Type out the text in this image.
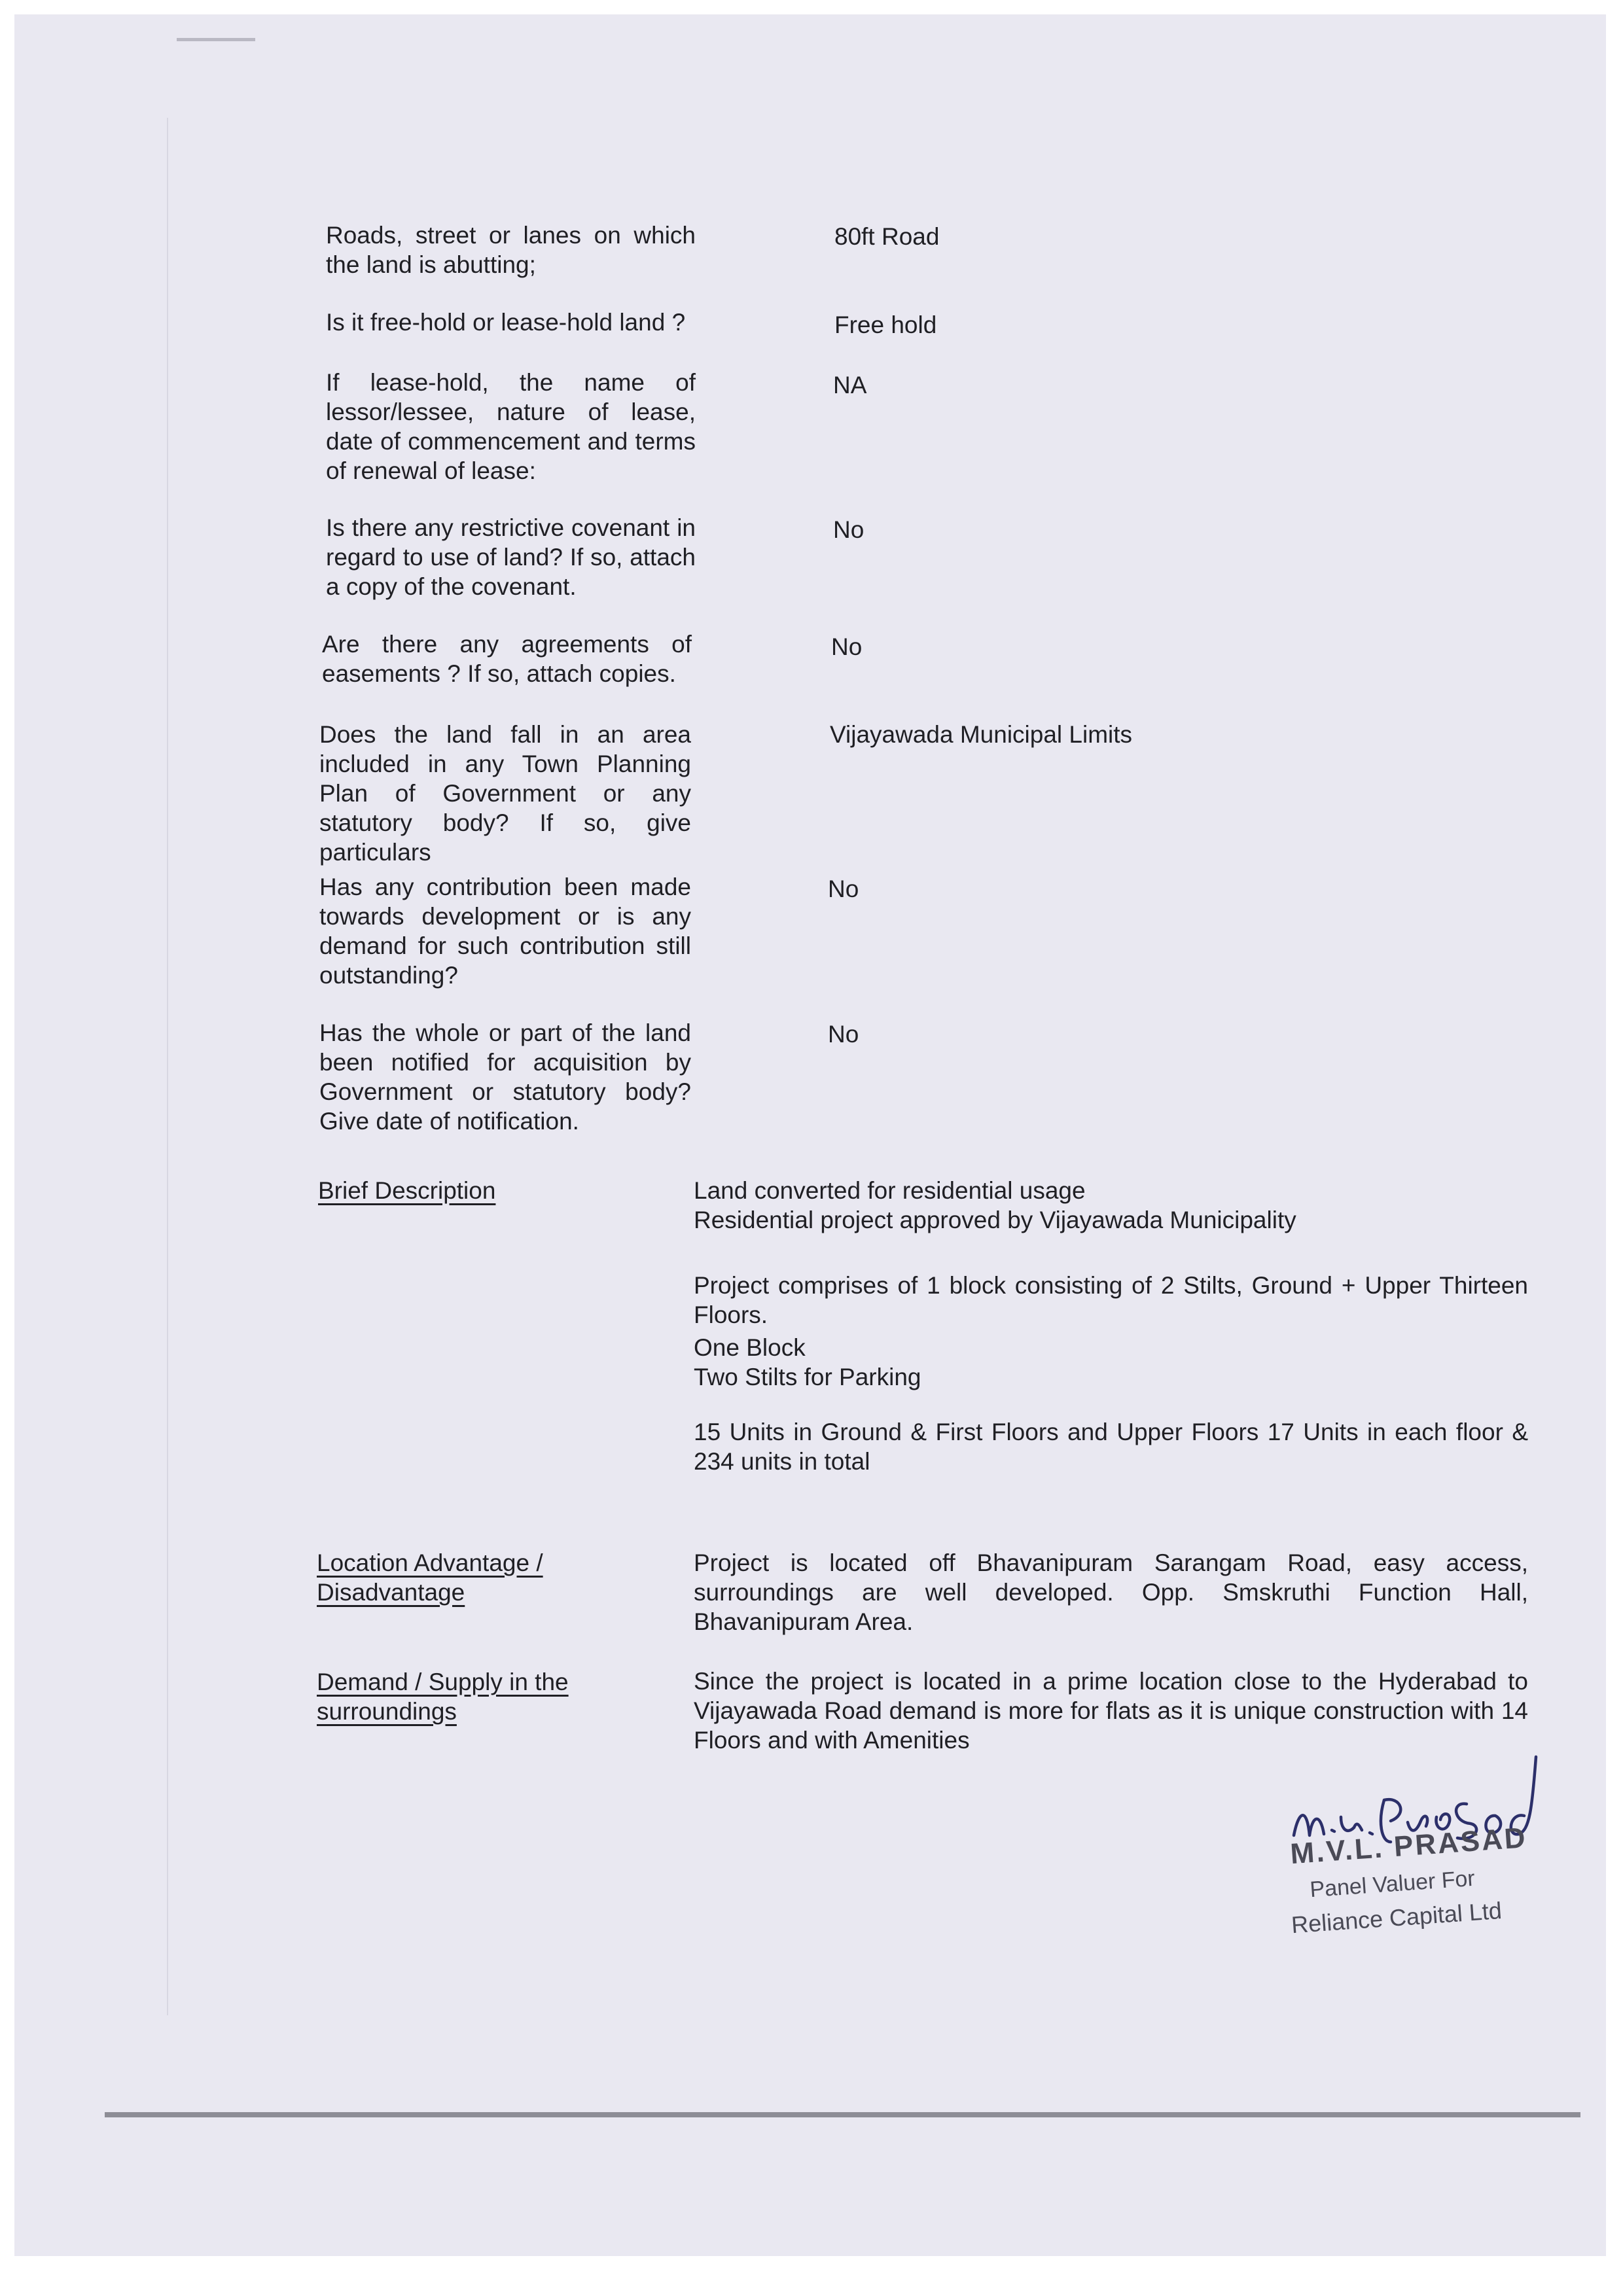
Roads, street or lanes on which the land is abutting;

80ft Road

Is it free-hold or lease-hold land ?	Free hold

If lease-hold, the name of lessor/lessee, nature of lease, date of commencement and terms of renewal of lease:

NA

Is there any restrictive covenant in regard to use of land? If so, attach a copy of the covenant.

No

Are there any agreements of easements ? If so, attach copies.

No

Does the land fall in an area included in any Town Planning Plan of Government or any statutory body? If so, give particulars

Vijayawada Municipal Limits

Has any contribution been made towards development or is any demand for such contribution still outstanding?

No

Has the whole or part of the land been notified for acquisition by Government or statutory body? Give date of notification.

No

Brief Description	Land converted for residential usage

Residential project approved by Vijayawada Municipality

Project comprises of 1 block consisting of 2 Stilts, Ground + Upper Thirteen Floors.

One Block

Two Stilts for Parking

15 Units in Ground & First Floors and Upper Floors 17 Units in each floor & 234 units in total

Location Advantage /

Disadvantage

Project is located off Bhavanipuram Sarangam Road, easy access, surroundings are well developed. Opp. Smskruthi Function Hall, Bhavanipuram Area.

Demand / Supply in the

surroundings

Since the project is located in a prime location close to the Hyderabad to Vijayawada Road demand is more for flats as it is unique construction with 14 Floors and with Amenities

M.V.L. PRASAD
Panel Valuer For
Reliance Capital Ltd
